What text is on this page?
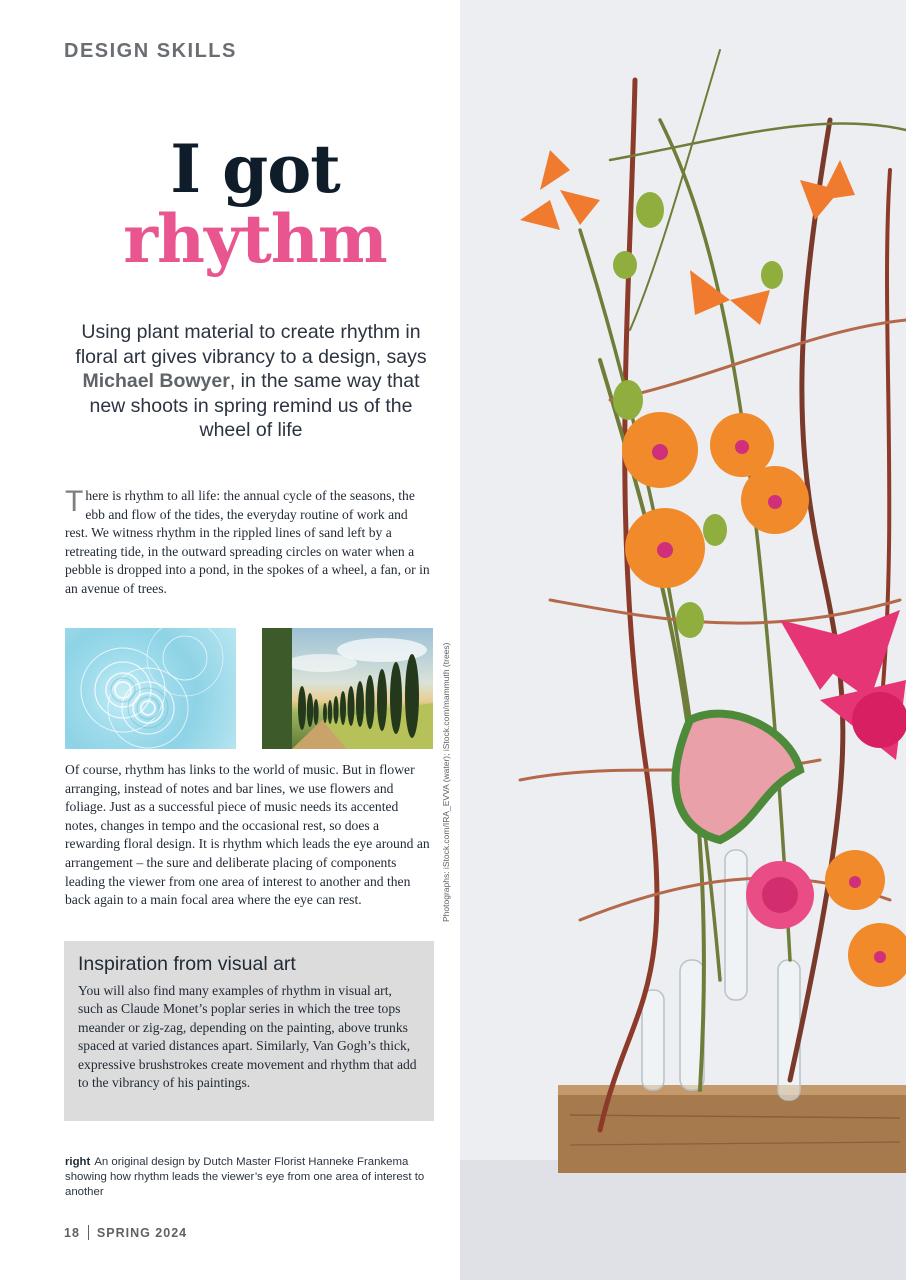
DESIGN SKILLS
I got
rhythm

Using plant material to create rhythm in floral art gives vibrancy to a design, says Michael Bowyer, in the same way that new shoots in spring remind us of the wheel of life

There is rhythm to all life: the annual cycle of the seasons, the ebb and flow of the tides, the everyday routine of work and rest. We witness rhythm in the rippled lines of sand left by a retreating tide, in the outward spreading circles on water when a pebble is dropped into a pond, in the spokes of a wheel, a fan, or in an avenue of trees.

Photographs: iStock.com/IRA_EVVA (water); iStock.com/mammuth (trees)

Of course, rhythm has links to the world of music. But in flower arranging, instead of notes and bar lines, we use flowers and foliage. Just as a successful piece of music needs its accented notes, changes in tempo and the occasional rest, so does a rewarding floral design. It is rhythm which leads the eye around an arrangement – the sure and deliberate placing of components leading the viewer from one area of interest to another and then back again to a main focal area where the eye can rest.

Inspiration from visual art

You will also find many examples of rhythm in visual art, such as Claude Monet’s poplar series in which the tree tops meander or zig-zag, depending on the painting, above trunks spaced at varied distances apart. Similarly, Van Gogh’s thick, expressive brushstrokes create movement and rhythm that add to the vibrancy of his paintings.

right An original design by Dutch Master Florist Hanneke Frankema showing how rhythm leads the viewer’s eye from one area of interest to another

18 SPRING 2024
